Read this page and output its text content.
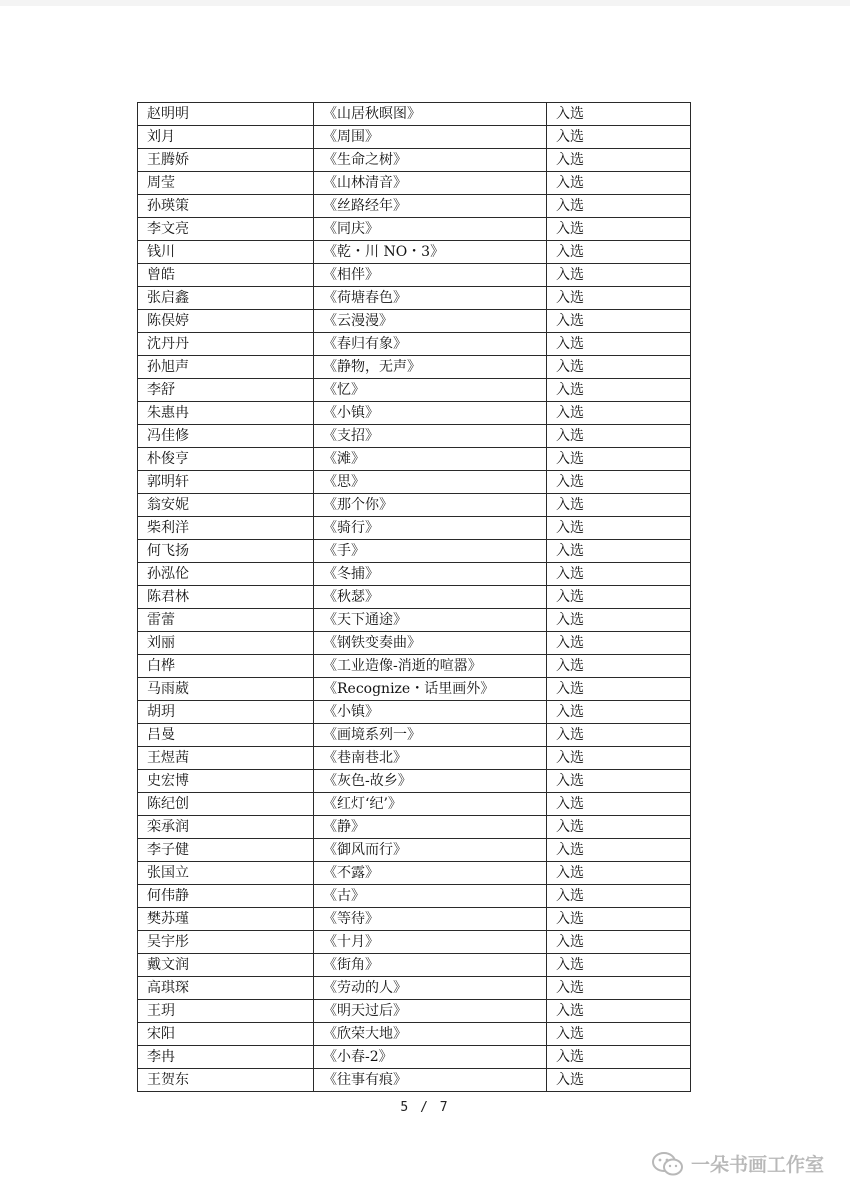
赵明明	《山居秋暝图》	入选
刘月	《周围》	入选
王腾娇	《生命之树》	入选
周莹	《山林清音》	入选
孙瑛策	《丝路经年》	入选
李文亮	《同庆》	入选
钱川	《乾・川 NO・3》	入选
曾皓	《相伴》	入选
张启鑫	《荷塘春色》	入选
陈俣婷	《云漫漫》	入选
沈丹丹	《春归有象》	入选
孙旭声	《静物，无声》	入选
李舒	《忆》	入选
朱惠冉	《小镇》	入选
冯佳修	《支招》	入选
朴俊亨	《滩》	入选
郭明轩	《思》	入选
翁安妮	《那个你》	入选
柴利洋	《骑行》	入选
何飞扬	《手》	入选
孙泓伦	《冬捕》	入选
陈君林	《秋瑟》	入选
雷蕾	《天下通途》	入选
刘丽	《钢铁变奏曲》	入选
白桦	《工业造像-消逝的喧嚣》	入选
马雨葳	《Recognize・话里画外》	入选
胡玥	《小镇》	入选
吕曼	《画境系列一》	入选
王煜茜	《巷南巷北》	入选
史宏博	《灰色-故乡》	入选
陈纪创	《红灯‘纪’》	入选
栾承润	《静》	入选
李子健	《御风而行》	入选
张国立	《不露》	入选
何伟静	《古》	入选
樊苏瑾	《等待》	入选
吴宇彤	《十月》	入选
戴文润	《街角》	入选
高琪琛	《劳动的人》	入选
王玥	《明天过后》	入选
宋阳	《欣荣大地》	入选
李冉	《小春-2》	入选
王贺东	《往事有痕》	入选
5 / 7
一朵书画工作室
